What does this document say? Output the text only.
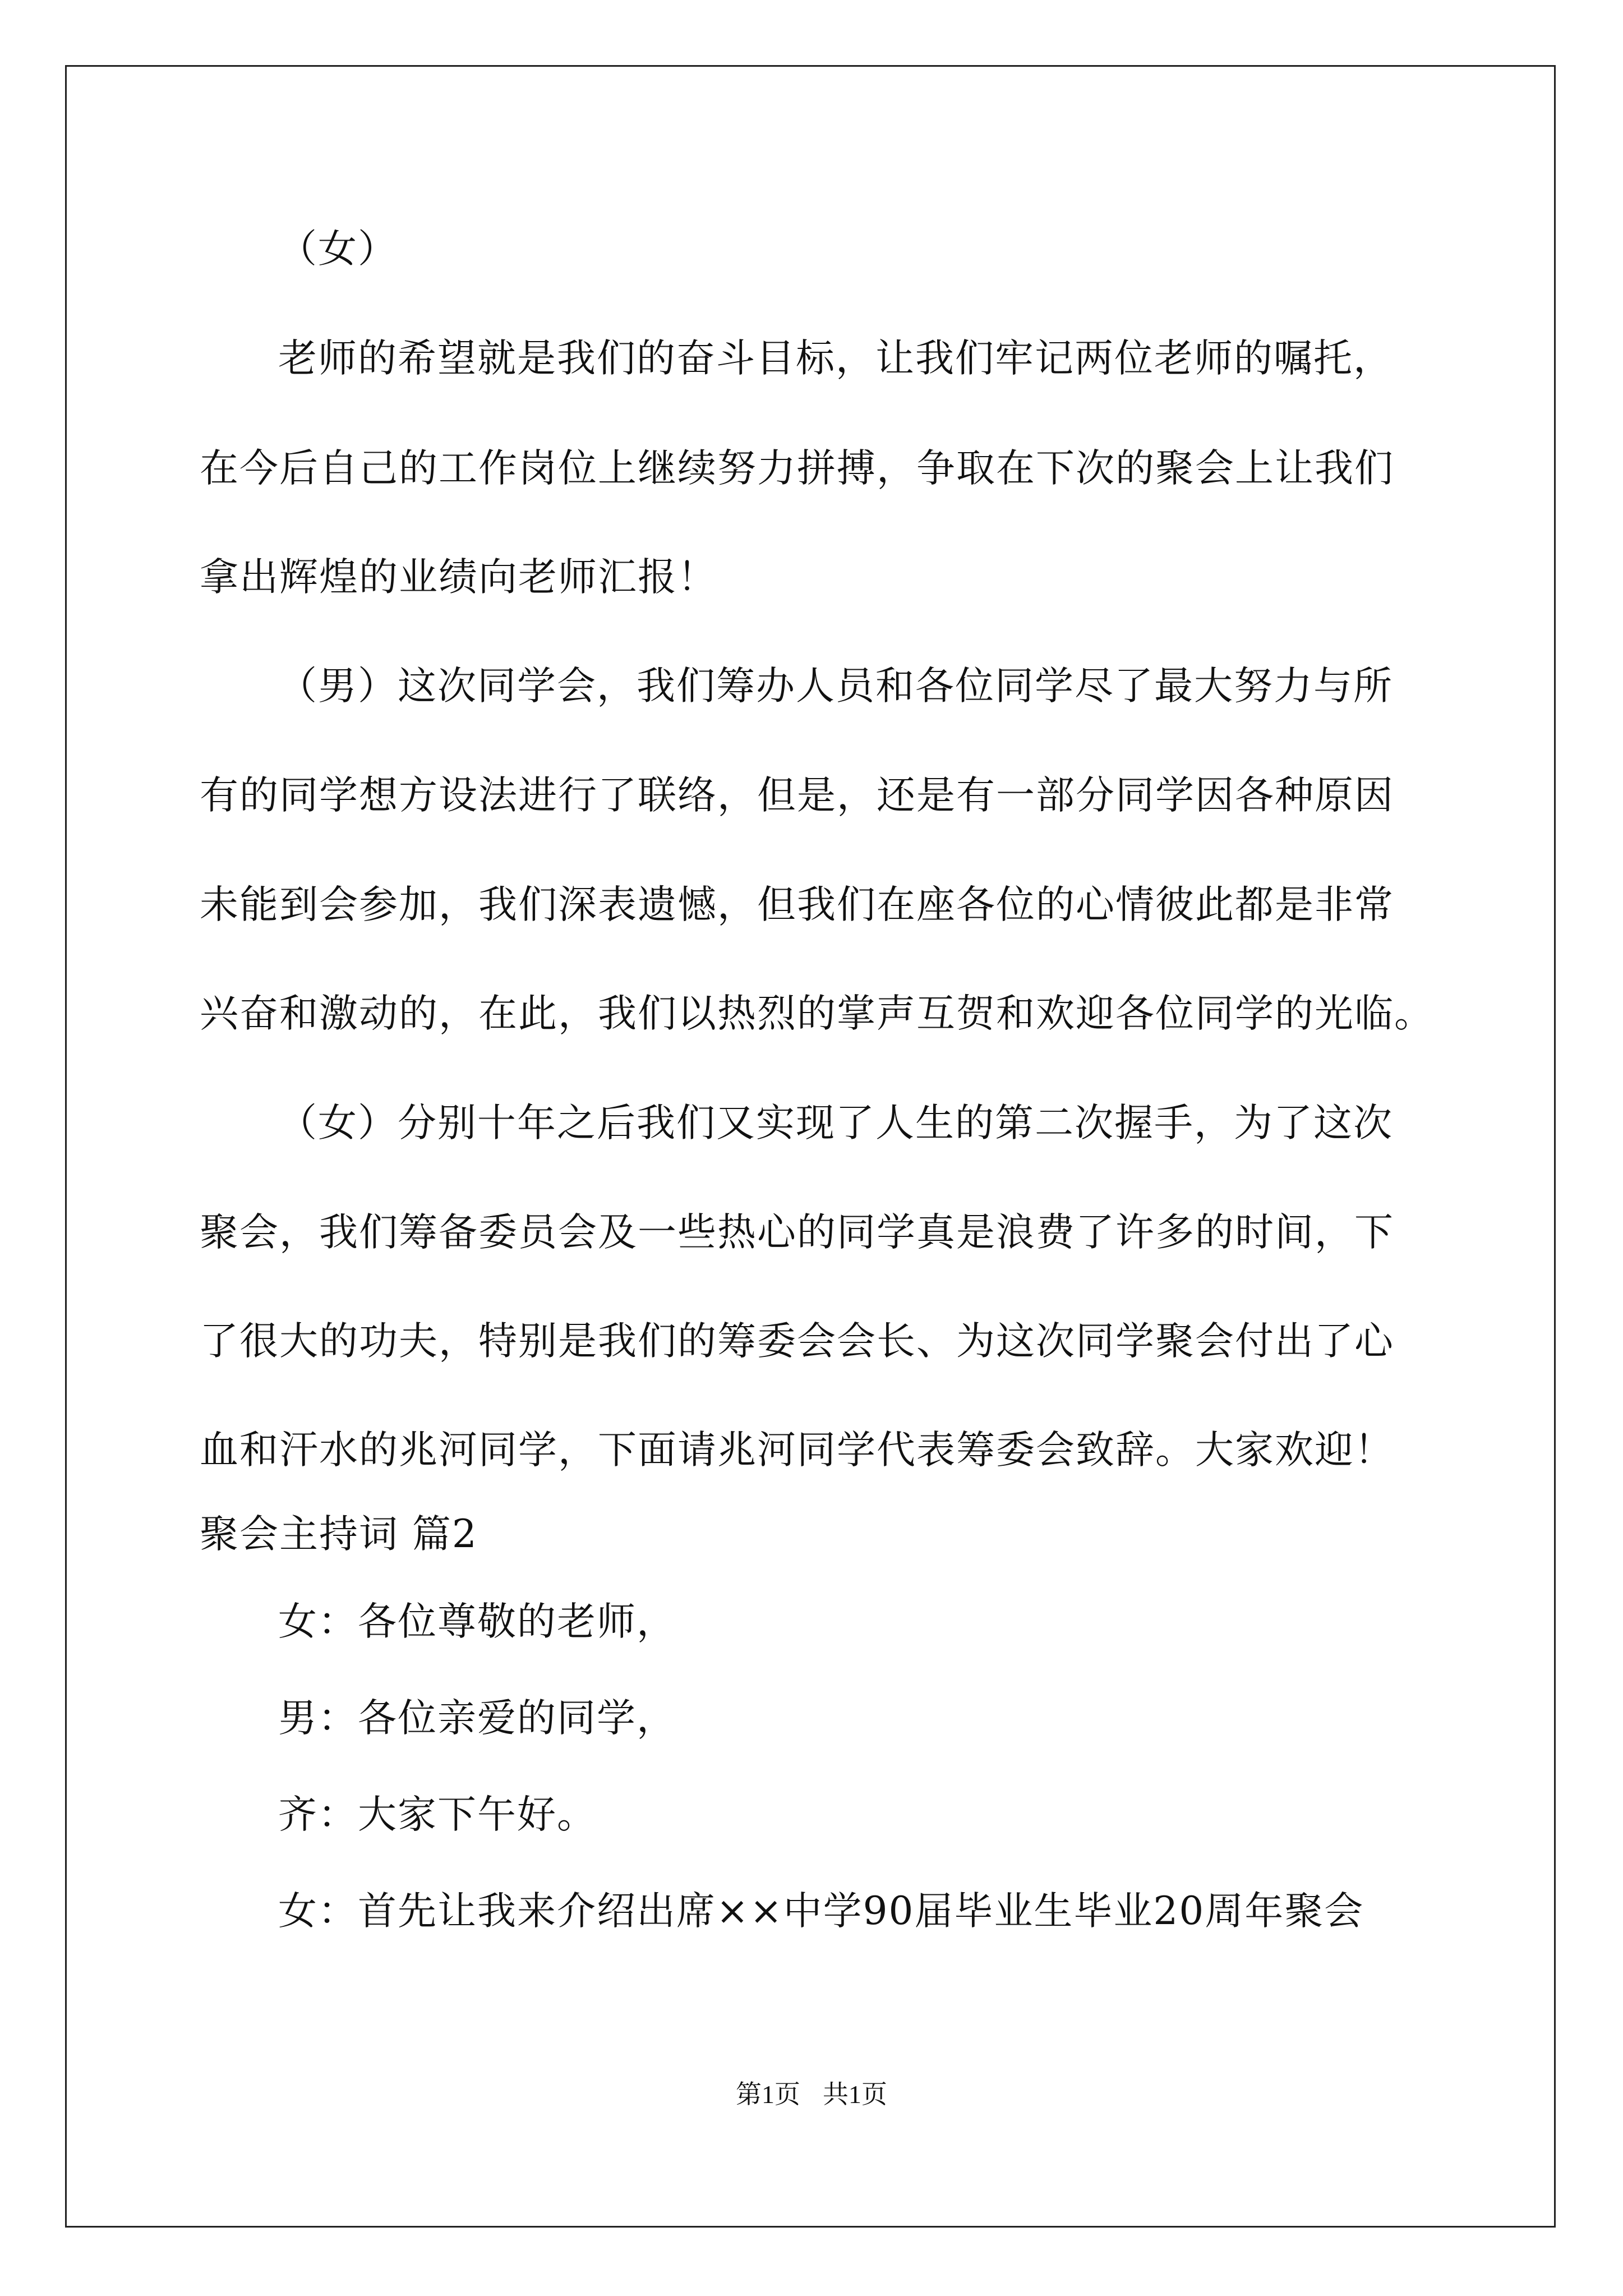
（女）
老师的希望就是我们的奋斗目标，让我们牢记两位老师的嘱托，
在今后自己的工作岗位上继续努力拼搏，争取在下次的聚会上让我们
拿出辉煌的业绩向老师汇报！
（男）这次同学会，我们筹办人员和各位同学尽了最大努力与所
有的同学想方设法进行了联络，但是，还是有一部分同学因各种原因
未能到会参加，我们深表遗憾，但我们在座各位的心情彼此都是非常
兴奋和激动的，在此，我们以热烈的掌声互贺和欢迎各位同学的光临。
（女）分别十年之后我们又实现了人生的第二次握手，为了这次
聚会，我们筹备委员会及一些热心的同学真是浪费了许多的时间，下
了很大的功夫，特别是我们的筹委会会长、为这次同学聚会付出了心
血和汗水的兆河同学，下面请兆河同学代表筹委会致辞。大家欢迎！
聚会主持词 篇2
女：各位尊敬的老师，
男：各位亲爱的同学，
齐：大家下午好。
女：首先让我来介绍出席××中学90届毕业生毕业20周年聚会
第1页 共1页
